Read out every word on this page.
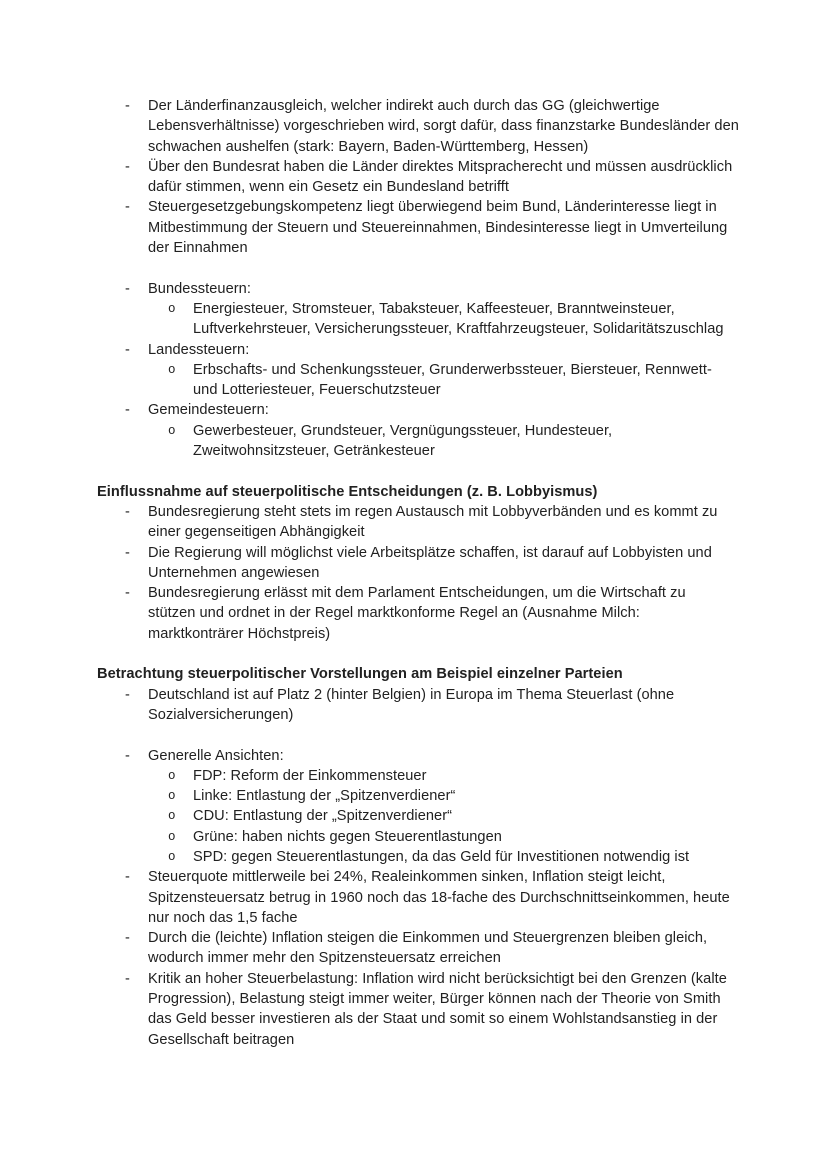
- Der Länderfinanzausgleich, welcher indirekt auch durch das GG (gleichwertige
Lebensverhältnisse) vorgeschrieben wird, sorgt dafür, dass finanzstarke Bundesländer den
schwachen aushelfen (stark: Bayern, Baden-Württemberg, Hessen)
- Über den Bundesrat haben die Länder direktes Mitspracherecht und müssen ausdrücklich
dafür stimmen, wenn ein Gesetz ein Bundesland betrifft
- Steuergesetzgebungskompetenz liegt überwiegend beim Bund, Länderinteresse liegt in
Mitbestimmung der Steuern und Steuereinnahmen, Bindesinteresse liegt in Umverteilung
der Einnahmen
- Bundessteuern:
o Energiesteuer, Stromsteuer, Tabaksteuer, Kaffeesteuer, Branntweinsteuer,
Luftverkehrsteuer, Versicherungssteuer, Kraftfahrzeugsteuer, Solidaritätszuschlag
- Landessteuern:
o Erbschafts- und Schenkungssteuer, Grunderwerbssteuer, Biersteuer, Rennwett-
und Lotteriesteuer, Feuerschutzsteuer
- Gemeindesteuern:
o Gewerbesteuer, Grundsteuer, Vergnügungssteuer, Hundesteuer,
Zweitwohnsitzsteuer, Getränkesteuer
Einflussnahme auf steuerpolitische Entscheidungen (z. B. Lobbyismus)
- Bundesregierung steht stets im regen Austausch mit Lobbyverbänden und es kommt zu
einer gegenseitigen Abhängigkeit
- Die Regierung will möglichst viele Arbeitsplätze schaffen, ist darauf auf Lobbyisten und
Unternehmen angewiesen
- Bundesregierung erlässt mit dem Parlament Entscheidungen, um die Wirtschaft zu
stützen und ordnet in der Regel marktkonforme Regel an (Ausnahme Milch:
marktkonträrer Höchstpreis)
Betrachtung steuerpolitischer Vorstellungen am Beispiel einzelner Parteien
- Deutschland ist auf Platz 2 (hinter Belgien) in Europa im Thema Steuerlast (ohne
Sozialversicherungen)
- Generelle Ansichten:
o FDP: Reform der Einkommensteuer
o Linke: Entlastung der „Spitzenverdiener“
o CDU: Entlastung der „Spitzenverdiener“
o Grüne: haben nichts gegen Steuerentlastungen
o SPD: gegen Steuerentlastungen, da das Geld für Investitionen notwendig ist
- Steuerquote mittlerweile bei 24%, Realeinkommen sinken, Inflation steigt leicht,
Spitzensteuersatz betrug in 1960 noch das 18-fache des Durchschnittseinkommen, heute
nur noch das 1,5 fache
- Durch die (leichte) Inflation steigen die Einkommen und Steuergrenzen bleiben gleich,
wodurch immer mehr den Spitzensteuersatz erreichen
- Kritik an hoher Steuerbelastung: Inflation wird nicht berücksichtigt bei den Grenzen (kalte
Progression), Belastung steigt immer weiter, Bürger können nach der Theorie von Smith
das Geld besser investieren als der Staat und somit so einem Wohlstandsanstieg in der
Gesellschaft beitragen
